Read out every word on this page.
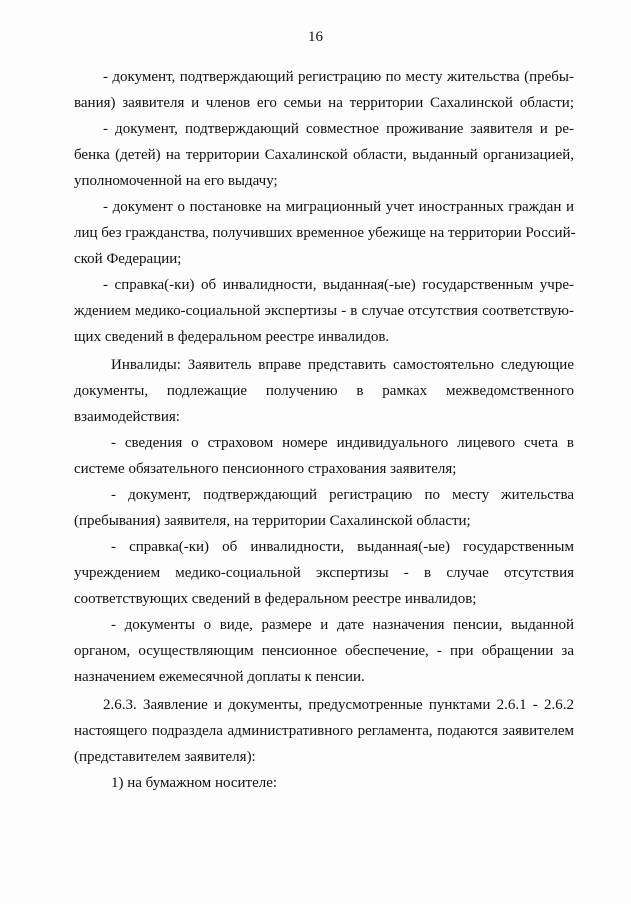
16
- документ, подтверждающий регистрацию по месту жительства (пребы-
вания) заявителя и членов его семьи на территории Сахалинской области;
- документ, подтверждающий совместное проживание заявителя и ре-
бенка (детей) на территории Сахалинской области, выданный организацией,
уполномоченной на его выдачу;
- документ о постановке на миграционный учет иностранных граждан и
лиц без гражданства, получивших временное убежище на территории Россий-
ской Федерации;
- справка(-ки) об инвалидности, выданная(-ые) государственным учре-
ждением медико-социальной экспертизы - в случае отсутствия соответствую-
щих сведений в федеральном реестре инвалидов.
Инвалиды: Заявитель вправе представить самостоятельно следующие
документы, подлежащие получению в рамках межведомственного
взаимодействия:
- сведения о страховом номере индивидуального лицевого счета в
системе обязательного пенсионного страхования заявителя;
- документ, подтверждающий регистрацию по месту жительства
(пребывания) заявителя, на территории Сахалинской области;
- справка(-ки) об инвалидности, выданная(-ые) государственным
учреждением медико-социальной экспертизы - в случае отсутствия
соответствующих сведений в федеральном реестре инвалидов;
- документы о виде, размере и дате назначения пенсии, выданной
органом, осуществляющим пенсионное обеспечение, - при обращении за
назначением ежемесячной доплаты к пенсии.
2.6.3. Заявление и документы, предусмотренные пунктами 2.6.1 - 2.6.2
настоящего подраздела административного регламента, подаются заявителем
(представителем заявителя):
1) на бумажном носителе:
